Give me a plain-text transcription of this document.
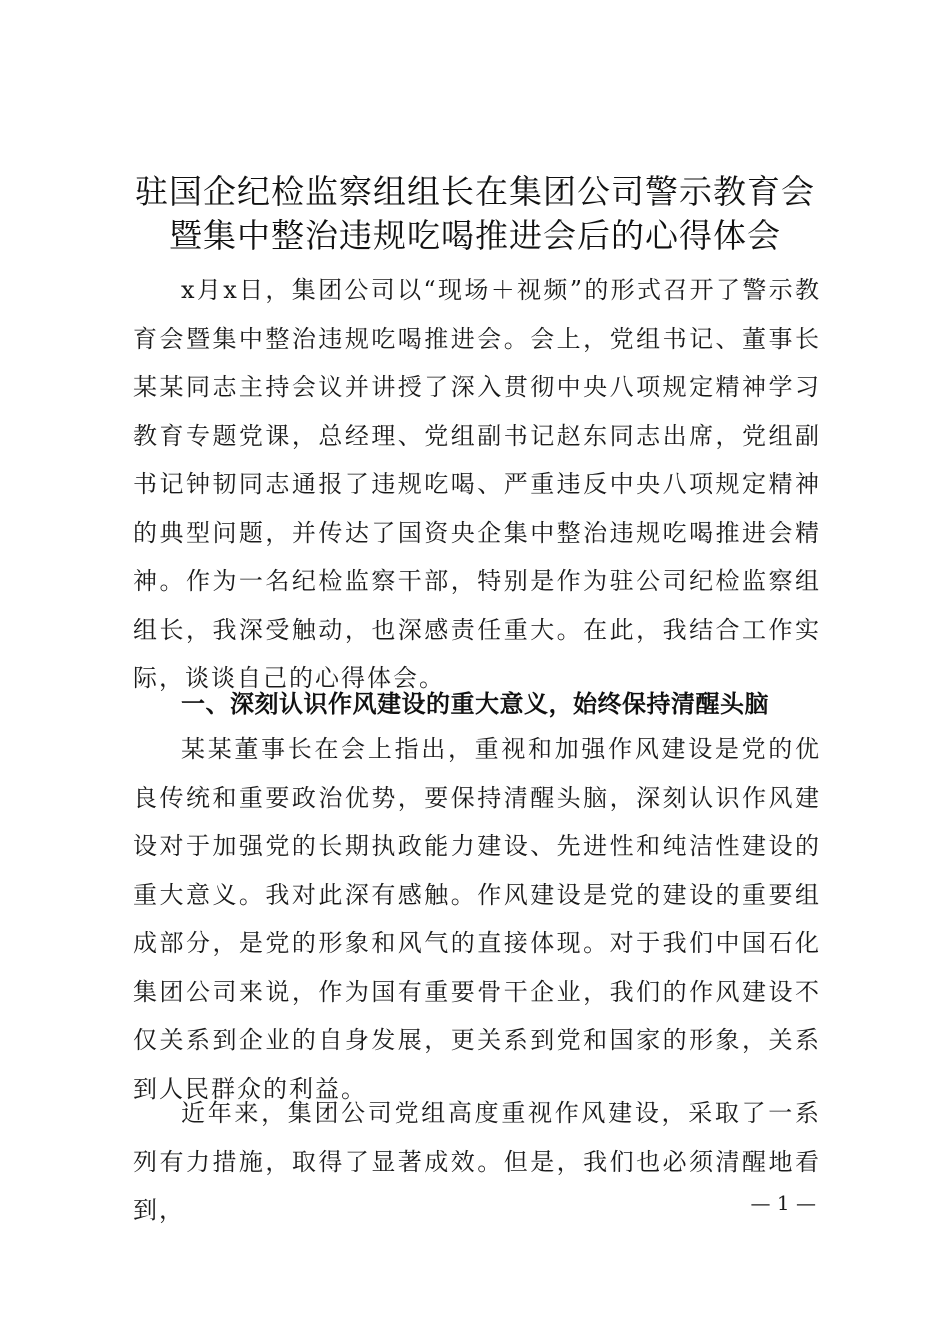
驻国企纪检监察组组长在集团公司警示教育会
暨集中整治违规吃喝推进会后的心得体会

x月x日，集团公司以“现场＋视频”的形式召开了警示教育会暨集中整治违规吃喝推进会。会上，党组书记、董事长某某同志主持会议并讲授了深入贯彻中央八项规定精神学习教育专题党课，总经理、党组副书记赵东同志出席，党组副书记钟韧同志通报了违规吃喝、严重违反中央八项规定精神的典型问题，并传达了国资央企集中整治违规吃喝推进会精神。作为一名纪检监察干部，特别是作为驻公司纪检监察组组长，我深受触动，也深感责任重大。在此，我结合工作实际，谈谈自己的心得体会。

一、深刻认识作风建设的重大意义，始终保持清醒头脑

某某董事长在会上指出，重视和加强作风建设是党的优良传统和重要政治优势，要保持清醒头脑，深刻认识作风建设对于加强党的长期执政能力建设、先进性和纯洁性建设的重大意义。我对此深有感触。作风建设是党的建设的重要组成部分，是党的形象和风气的直接体现。对于我们中国石化集团公司来说，作为国有重要骨干企业，我们的作风建设不仅关系到企业的自身发展，更关系到党和国家的形象，关系到人民群众的利益。

近年来，集团公司党组高度重视作风建设，采取了一系列有力措施，取得了显著成效。但是，我们也必须清醒地看到，	— 1 —
